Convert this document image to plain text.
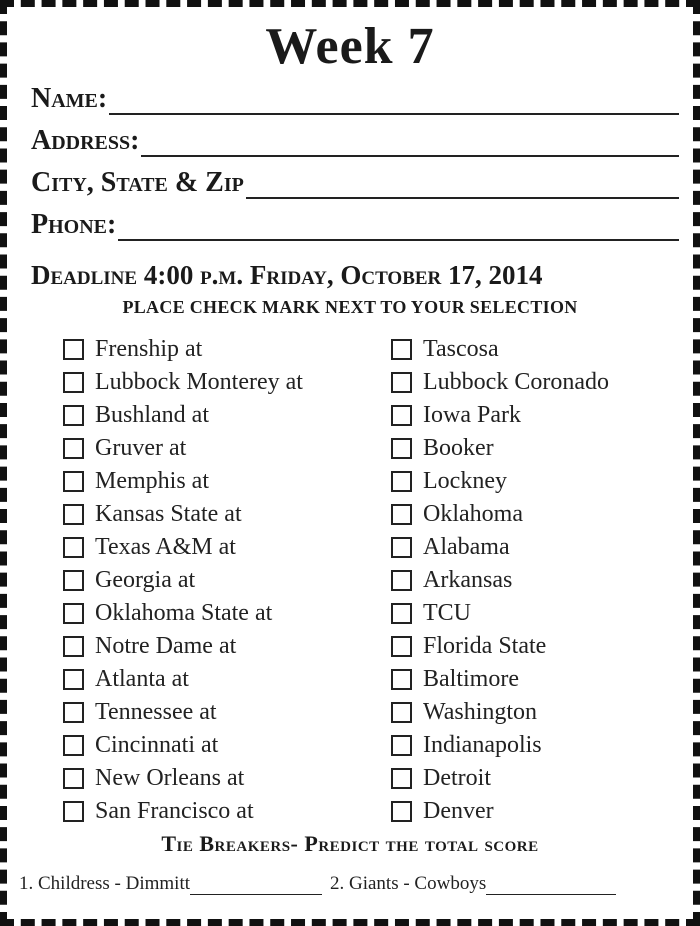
Week 7
Name:
Address:
City, State & Zip
Phone:
Deadline 4:00 p.m. Friday, October 17, 2014
PLACE CHECK MARK NEXT TO YOUR SELECTION
Frenship at
Lubbock Monterey at
Bushland at
Gruver at
Memphis at
Kansas State at
Texas A&M at
Georgia at
Oklahoma State at
Notre Dame at
Atlanta at
Tennessee at
Cincinnati at
New Orleans at
San Francisco at
Tascosa
Lubbock Coronado
Iowa Park
Booker
Lockney
Oklahoma
Alabama
Arkansas
TCU
Florida State
Baltimore
Washington
Indianapolis
Detroit
Denver
Tie Breakers- Predict the total score
1. Childress - Dimmitt	2. Giants - Cowboys
